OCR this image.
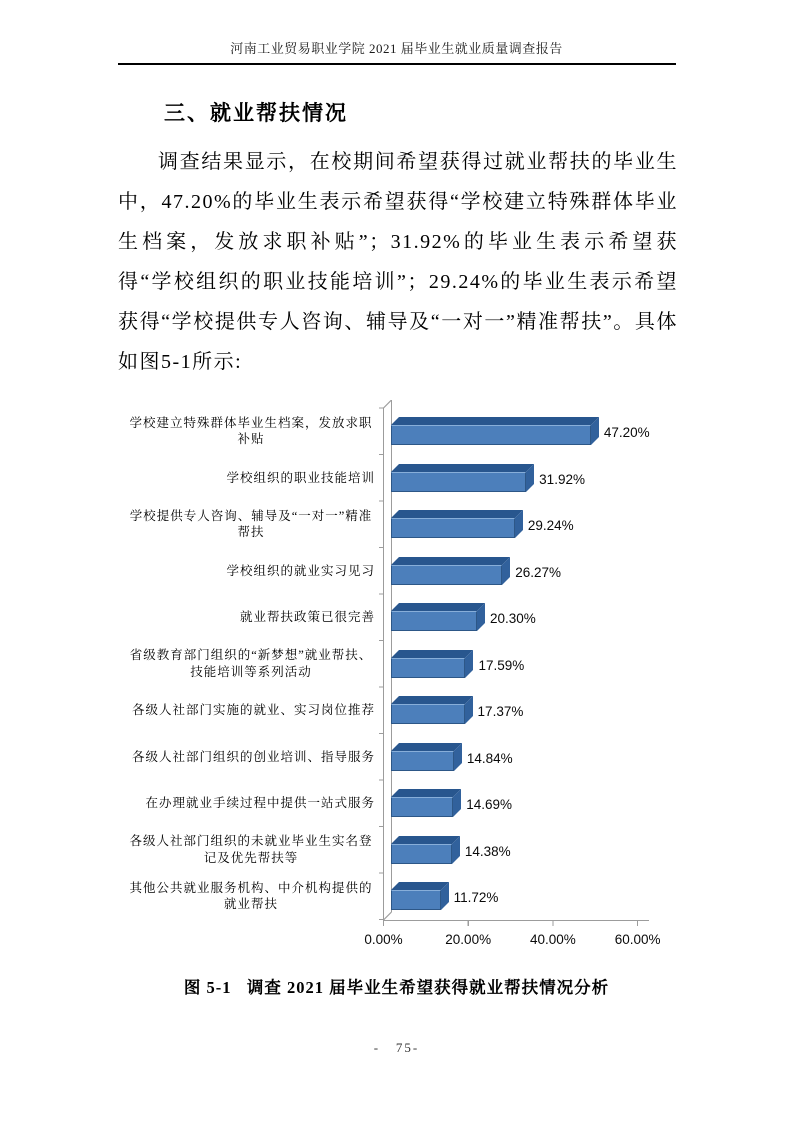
河南工业贸易职业学院 2021 届毕业生就业质量调查报告
三、就业帮扶情况

调查结果显示，在校期间希望获得过就业帮扶的毕业生中，47.20%的毕业生表示希望获得“学校建立特殊群体毕业生档案，发放求职补贴”；31.92%的毕业生表示希望获得“学校组织的职业技能培训”；29.24%的毕业生表示希望获得“学校提供专人咨询、辅导及“一对一”精准帮扶”。具体如图5-1所示:

学校建立特殊群体毕业生档案，发放求职补贴	47.20%
学校组织的职业技能培训	31.92%
学校提供专人咨询、辅导及“一对一”精准帮扶	29.24%
学校组织的就业实习见习	26.27%
就业帮扶政策已很完善	20.30%
省级教育部门组织的“新梦想”就业帮扶、技能培训等系列活动	17.59%
各级人社部门实施的就业、实习岗位推荐	17.37%
各级人社部门组织的创业培训、指导服务	14.84%
在办理就业手续过程中提供一站式服务	14.69%
各级人社部门组织的未就业毕业生实名登记及优先帮扶等	14.38%
其他公共就业服务机构、中介机构提供的就业帮扶	11.72%
0.00%	20.00%	40.00%	60.00%
图 5-1   调查 2021 届毕业生希望获得就业帮扶情况分析
-   75-
